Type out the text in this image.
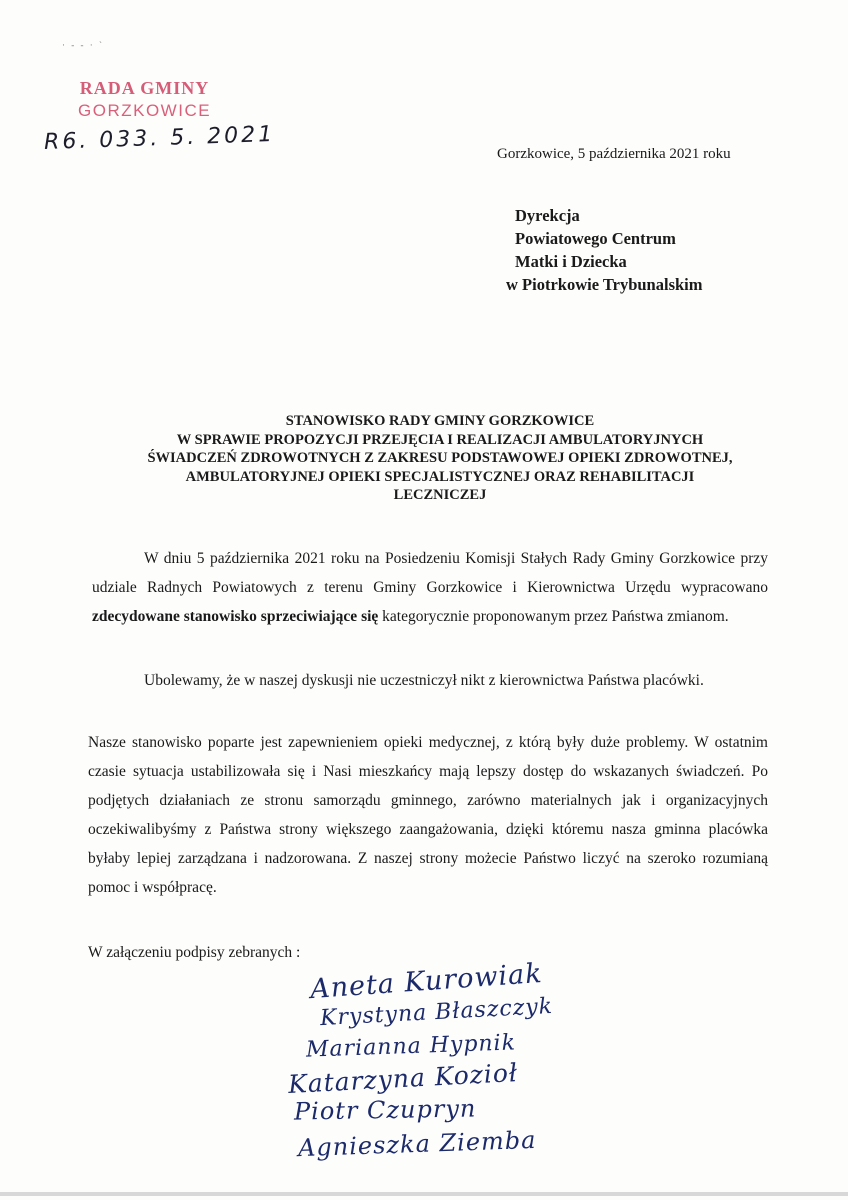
· - - · `
RADA GMINY
GORZKOWICE
R6. 033. 5. 2021	Gorzkowice, 5 października 2021 roku
Dyrekcja
Powiatowego Centrum
Matki i Dziecka
w Piotrkowie Trybunalskim
STANOWISKO RADY GMINY GORZKOWICE
W SPRAWIE PROPOZYCJI PRZEJĘCIA I REALIZACJI AMBULATORYJNYCH
ŚWIADCZEŃ ZDROWOTNYCH Z ZAKRESU PODSTAWOWEJ OPIEKI ZDROWOTNEJ,
AMBULATORYJNEJ OPIEKI SPECJALISTYCZNEJ ORAZ REHABILITACJI
LECZNICZEJ
W dniu 5 października 2021 roku na Posiedzeniu Komisji Stałych Rady Gminy Gorzkowice przy udziale Radnych Powiatowych z terenu Gminy Gorzkowice i Kierownictwa Urzędu wypracowano zdecydowane stanowisko sprzeciwiające się kategorycznie proponowanym przez Państwa zmianom.
Ubolewamy, że w naszej dyskusji nie uczestniczył nikt z kierownictwa Państwa placówki.
Nasze stanowisko poparte jest zapewnieniem opieki medycznej, z którą były duże problemy. W ostatnim czasie sytuacja ustabilizowała się i Nasi mieszkańcy mają lepszy dostęp do wskazanych świadczeń. Po podjętych działaniach ze stronu samorządu gminnego, zarówno materialnych jak i organizacyjnych oczekiwalibyśmy z Państwa strony większego zaangażowania, dzięki któremu nasza gminna placówka byłaby lepiej zarządzana i nadzorowana. Z naszej strony możecie Państwo liczyć na szeroko rozumianą pomoc i współpracę.
W załączeniu podpisy zebranych :
Aneta Kurowiak
Krystyna Błaszczyk
Marianna Hypnik
Katarzyna Kozioł
Piotr Czupryn
Agnieszka Ziemba
